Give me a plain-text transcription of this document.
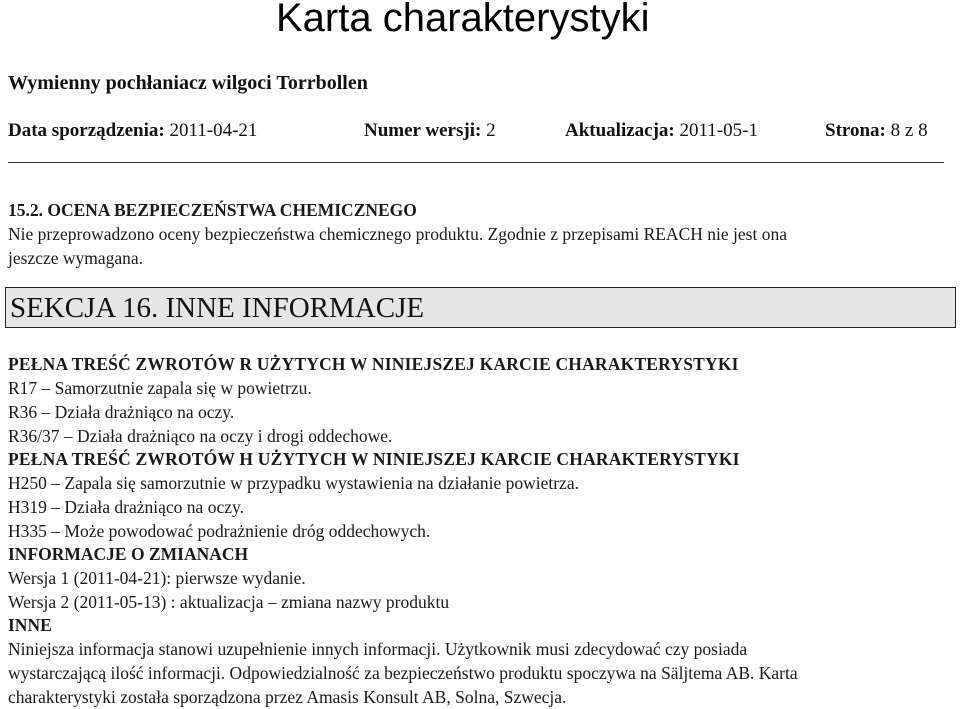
Karta charakterystyki
Wymienny pochłaniacz wilgoci Torrbollen
Data sporządzenia: 2011-04-21	Numer wersji: 2	Aktualizacja: 2011-05-1	Strona: 8 z 8
15.2. OCENA BEZPIECZEŃSTWA CHEMICZNEGO
Nie przeprowadzono oceny bezpieczeństwa chemicznego produktu. Zgodnie z przepisami REACH nie jest ona
jeszcze wymagana.
SEKCJA 16. INNE INFORMACJE
PEŁNA TREŚĆ ZWROTÓW R UŻYTYCH W NINIEJSZEJ KARCIE CHARAKTERYSTYKI
R17 – Samorzutnie zapala się w powietrzu.
R36 – Działa drażniąco na oczy.
R36/37 – Działa drażniąco na oczy i drogi oddechowe.
PEŁNA TREŚĆ ZWROTÓW H UŻYTYCH W NINIEJSZEJ KARCIE CHARAKTERYSTYKI
H250 – Zapala się samorzutnie w przypadku wystawienia na działanie powietrza.
H319 – Działa drażniąco na oczy.
H335 – Może powodować podrażnienie dróg oddechowych.
INFORMACJE O ZMIANACH
Wersja 1 (2011-04-21): pierwsze wydanie.
Wersja 2 (2011-05-13) : aktualizacja – zmiana nazwy produktu
INNE
Niniejsza informacja stanowi uzupełnienie innych informacji. Użytkownik musi zdecydować czy posiada
wystarczającą ilość informacji. Odpowiedzialność za bezpieczeństwo produktu spoczywa na Säljtema AB. Karta
charakterystyki została sporządzona przez Amasis Konsult AB, Solna, Szwecja.
